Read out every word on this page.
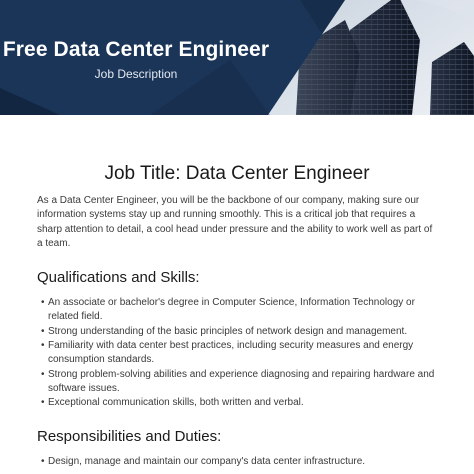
Free Data Center Engineer
Job Description
Job Title: Data Center Engineer

As a Data Center Engineer, you will be the backbone of our company, making sure our information systems stay up and running smoothly. This is a critical job that requires a sharp attention to detail, a cool head under pressure and the ability to work well as part of a team.

Qualifications and Skills:
• An associate or bachelor's degree in Computer Science, Information Technology or related field.
• Strong understanding of the basic principles of network design and management.
• Familiarity with data center best practices, including security measures and energy consumption standards.
• Strong problem-solving abilities and experience diagnosing and repairing hardware and software issues.
• Exceptional communication skills, both written and verbal.
Responsibilities and Duties:
• Design, manage and maintain our company's data center infrastructure.
